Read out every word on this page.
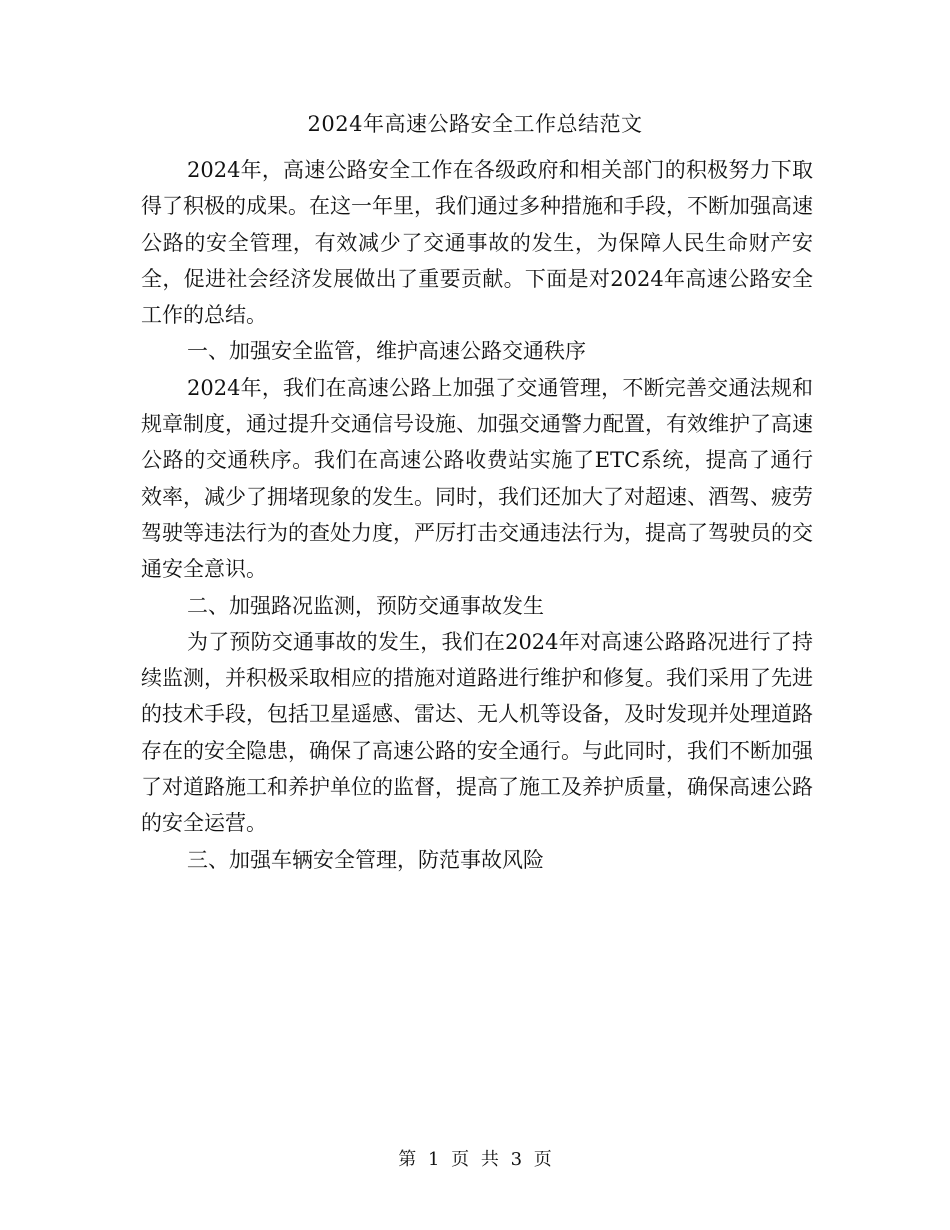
2024年高速公路安全工作总结范文

2024年，高速公路安全工作在各级政府和相关部门的积极努力下取得了积极的成果。在这一年里，我们通过多种措施和手段，不断加强高速公路的安全管理，有效减少了交通事故的发生，为保障人民生命财产安全，促进社会经济发展做出了重要贡献。下面是对2024年高速公路安全工作的总结。

一、加强安全监管，维护高速公路交通秩序

2024年，我们在高速公路上加强了交通管理，不断完善交通法规和规章制度，通过提升交通信号设施、加强交通警力配置，有效维护了高速公路的交通秩序。我们在高速公路收费站实施了ETC系统，提高了通行效率，减少了拥堵现象的发生。同时，我们还加大了对超速、酒驾、疲劳驾驶等违法行为的查处力度，严厉打击交通违法行为，提高了驾驶员的交通安全意识。

二、加强路况监测，预防交通事故发生

为了预防交通事故的发生，我们在2024年对高速公路路况进行了持续监测，并积极采取相应的措施对道路进行维护和修复。我们采用了先进的技术手段，包括卫星遥感、雷达、无人机等设备，及时发现并处理道路存在的安全隐患，确保了高速公路的安全通行。与此同时，我们不断加强了对道路施工和养护单位的监督，提高了施工及养护质量，确保高速公路的安全运营。

三、加强车辆安全管理，防范事故风险

第 1 页 共 3 页
